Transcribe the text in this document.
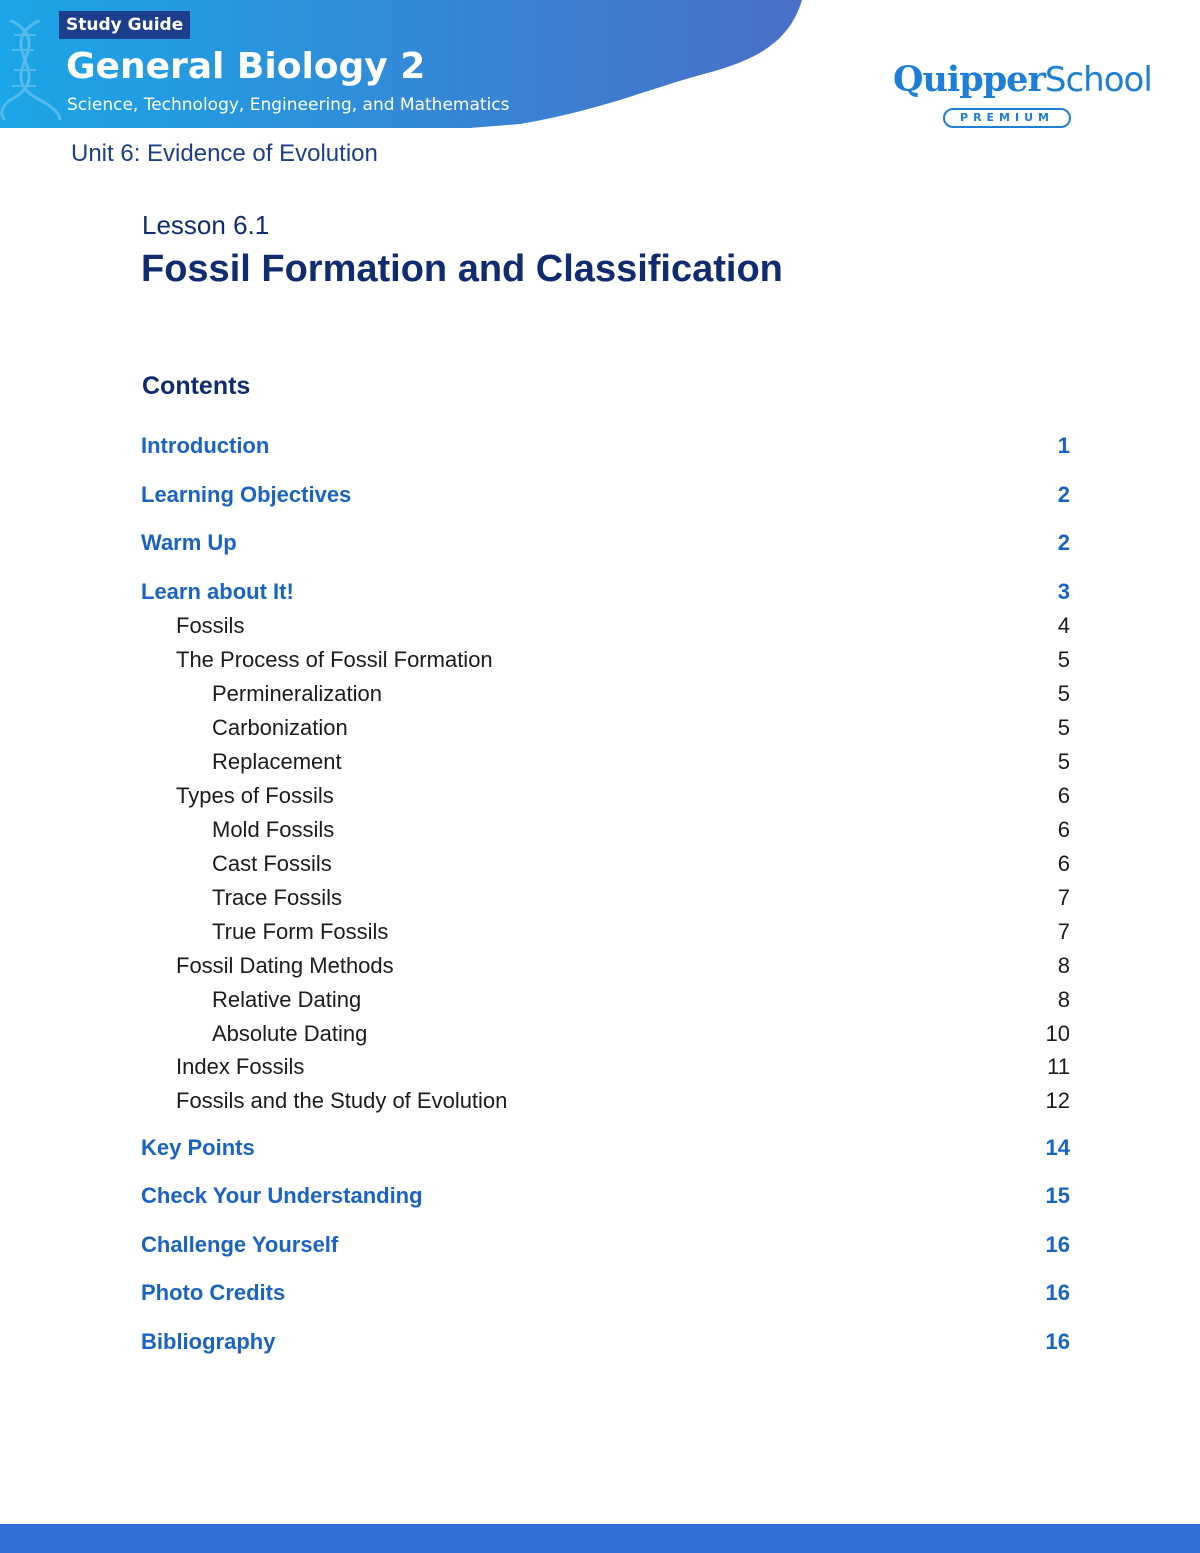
Study Guide
General Biology 2
Science, Technology, Engineering, and Mathematics
QuipperSchool
PREMIUM
Unit 6: Evidence of Evolution
Lesson 6.1
Fossil Formation and Classification
Contents
Introduction	1
Learning Objectives	2
Warm Up	2
Learn about It!	3
Fossils	4
The Process of Fossil Formation	5
Permineralization	5
Carbonization	5
Replacement	5
Types of Fossils	6
Mold Fossils	6
Cast Fossils	6
Trace Fossils	7
True Form Fossils	7
Fossil Dating Methods	8
Relative Dating	8
Absolute Dating	10
Index Fossils	11
Fossils and the Study of Evolution	12
Key Points	14
Check Your Understanding	15
Challenge Yourself	16
Photo Credits	16
Bibliography	16
